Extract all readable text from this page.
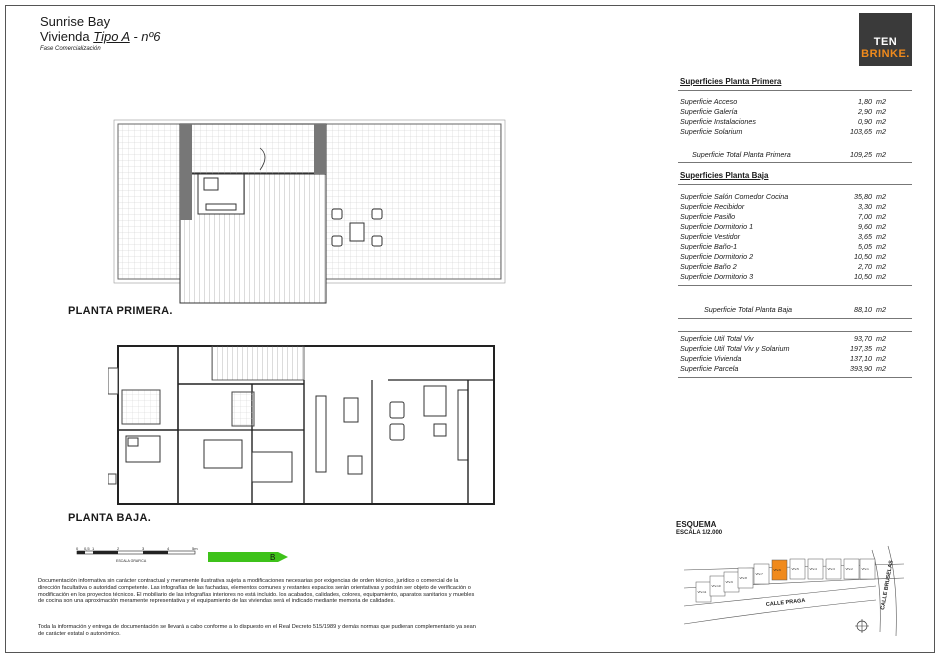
Sunrise Bay
Vivienda Tipo A - nº6
Fase Comercialización
TEN
BRINKE.
Superficies Planta Primera
Superficie Acceso	1,80 m2
Superficie Galería	2,90 m2
Superficie Instalaciones	0,90 m2
Superficie Solarium	103,65 m2
Superficie Total Planta Primera	109,25 m2
Superficies Planta Baja
Superficie Salón Comedor Cocina	35,80 m2
Superficie Recibidor	3,30 m2
Superficie Pasillo	7,00 m2
Superficie Dormitorio 1	9,60 m2
Superficie Vestidor	3,65 m2
Superficie Baño-1	5,05 m2
Superficie Dormitorio 2	10,50 m2
Superficie Baño 2	2,70 m2
Superficie Dormitorio 3	10,50 m2
Superficie Total Planta Baja	88,10 m2
Superficie Util Total Viv	93,70 m2
Superficie Util Total Viv y Solarium	197,35 m2
Superficie Vivienda	137,10 m2
Superficie Parcela	393,90 m2
PLANTA PRIMERA.
PLANTA BAJA.
0 0,5 1	2	3	4	5m
ESCALA GRAFICA	B
Documentación informativa sin carácter contractual y meramente ilustrativa sujeta a modificaciones necesarias por exigencias de orden técnico, jurídico o comercial de la dirección facultativa o autoridad competente. Las infografías de las fachadas, elementos comunes y restantes espacios serán orientativas y podrán ser objeto de verificación o modificación en los proyectos técnicos. El mobiliario de las infografías interiores no está incluido. los acabados, calidades, colores, equipamiento, aparatos sanitarios y muebles de cocina son una aproximación meramente representativa y el equipamiento de las viviendas será el indicado mediante memoria de calidades.
Toda la información y entrega de documentación se llevará a cabo conforme a lo dispuesto en el Real Decreto 515/1989 y demás normas que pudieran complementario ya sean de carácter estatal o autonómico.
ESQUEMA
ESCALA 1/2.000
VIV-11
VIV-10
VIV-9
VIV-8
VIV-7
VIV-6	VIV-5	VIV-4	VIV-3	VIV-2	VIV-1
CALLE PRAGA	CALLE BRUSELAS
